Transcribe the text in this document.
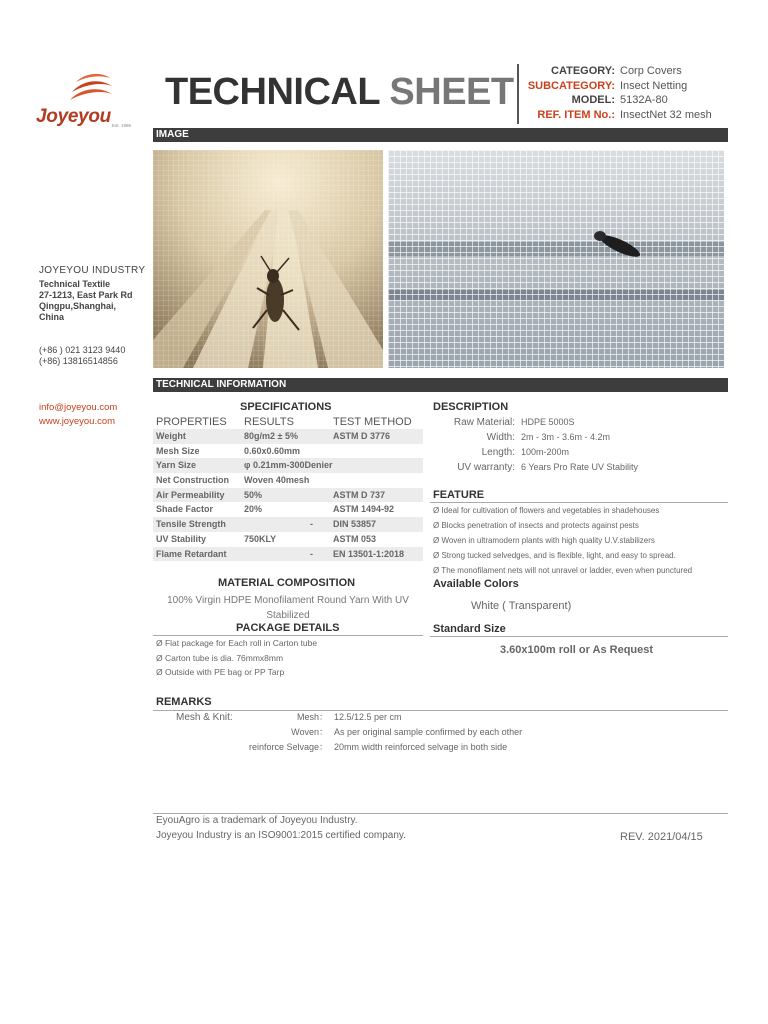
Joyeyou Est. 1986
TECHNICAL SHEET	CATEGORY: Corp Covers
SUBCATEGORY: Insect Netting
MODEL: 5132A-80
REF. ITEM No.: InsectNet 32 mesh
IMAGE
JOYEYOU INDUSTRY
Technical Textile
27-1213, East Park Rd
Qingpu,Shanghai,
China
(+86 ) 021 3123 9440
(+86) 13816514856
info@joyeyou.com
www.joyeyou.com
TECHNICAL INFORMATION
SPECIFICATIONS
PROPERTIES	RESULTS	TEST METHOD
Weight	80g/m2 ± 5%	ASTM D 3776
Mesh Size	0.60x0.60mm
Yarn Size	φ 0.21mm-300Denier
Net Construction	Woven 40mesh
Air Permeability	50%	ASTM D 737
Shade Factor	20%	ASTM 1494-92
Tensile Strength	-	DIN 53857
UV Stability	750KLY	ASTM 053
Flame Retardant	-	EN 13501-1:2018
MATERIAL COMPOSITION
100% Virgin HDPE Monofilament Round Yarn With UV Stabilized
PACKAGE DETAILS
Ø Flat package for Each roll in Carton tube
Ø Carton tube is dia. 76mmx8mm
Ø Outside with PE bag or PP Tarp
DESCRIPTION
Raw Material: HDPE 5000S
Width: 2m - 3m - 3.6m - 4.2m
Length: 100m-200m
UV warranty: 6 Years Pro Rate UV Stability
FEATURE
Ø Ideal for cultivation of flowers and vegetables in shadehouses
Ø Blocks penetration of insects and protects against pests
Ø Woven in ultramodern plants with high quality U.V.stabilizers
Ø Strong tucked selvedges, and is flexible, light, and easy to spread.
Ø The monofilament nets will not unravel or ladder, even when punctured
Available Colors
White ( Transparent)
Standard Size
3.60x100m roll or As Request
REMARKS
Mesh & Knit:	Mesh： 12.5/12.5 per cm
Woven： As per original sample confirmed by each other
reinforce Selvage： 20mm width reinforced selvage in both side
EyouAgro is a trademark of Joyeyou Industry.
Joyeyou Industry is an ISO9001:2015 certified company.	REV. 2021/04/15
